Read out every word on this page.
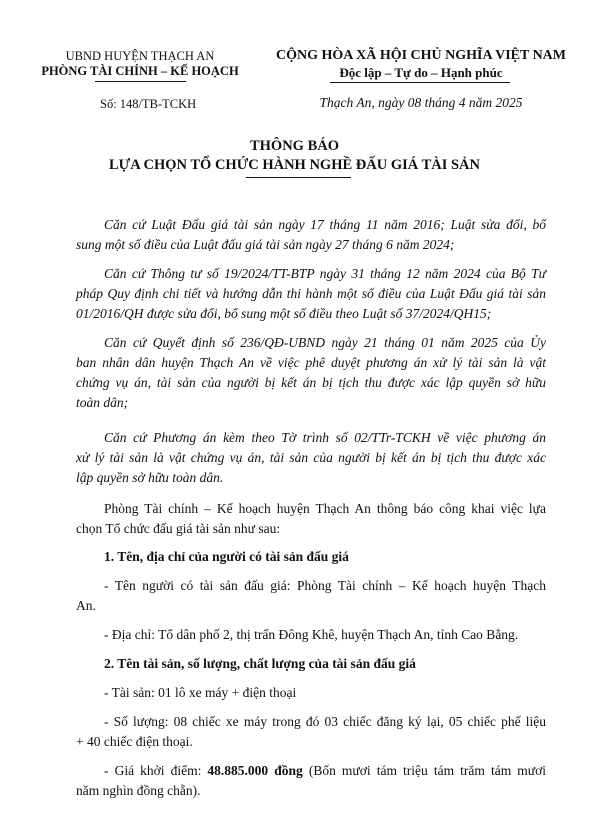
UBND HUYỆN THẠCH AN
PHÒNG TÀI CHÍNH – KẾ HOẠCH
Số: 148/TB-TCKH
CỘNG HÒA XÃ HỘI CHỦ NGHĨA VIỆT NAM
Độc lập – Tự do – Hạnh phúc
Thạch An, ngày 08 tháng 4 năm 2025
THÔNG BÁO
LỰA CHỌN TỔ CHỨC HÀNH NGHỀ ĐẤU GIÁ TÀI SẢN
Căn cứ Luật Đấu giá tài sản ngày 17 tháng 11 năm 2016; Luật sửa đổi, bổ
sung một số điều của Luật đấu giá tài sản ngày 27 tháng 6 năm 2024;
Căn cứ Thông tư số 19/2024/TT-BTP ngày 31 tháng 12 năm 2024 của Bộ Tư
pháp Quy định chi tiết và hướng dẫn thi hành một số điều của Luật Đấu giá tài sản
01/2016/QH được sửa đổi, bổ sung một số điều theo Luật số 37/2024/QH15;
Căn cứ Quyết định số 236/QĐ-UBND ngày 21 tháng 01 năm 2025 của Ủy
ban nhân dân huyện Thạch An về việc phê duyệt phương án xử lý tài sản là vật
chứng vụ án, tài sản của người bị kết án bị tịch thu được xác lập quyền sở hữu
toàn dân;
Căn cứ Phương án kèm theo Tờ trình số 02/TTr-TCKH về việc phương án
xử lý tài sản là vật chứng vụ án, tài sản của người bị kết án bị tịch thu được xác
lập quyền sở hữu toàn dân.
Phòng Tài chính – Kế hoạch huyện Thạch An thông báo công khai việc lựa
chọn Tổ chức đấu giá tài sản như sau:
1. Tên, địa chỉ của người có tài sản đấu giá
- Tên người có tài sản đấu giá: Phòng Tài chính – Kế hoạch huyện Thạch
An.
- Địa chỉ: Tổ dân phố 2, thị trấn Đông Khê, huyện Thạch An, tỉnh Cao Bằng.
2. Tên tài sản, số lượng, chất lượng của tài sản đấu giá
- Tài sản: 01 lô xe máy + điện thoại
- Số lượng: 08 chiếc xe máy trong đó 03 chiếc đăng ký lại, 05 chiếc phế liệu
+ 40 chiếc điện thoại.
- Giá khởi điểm: 48.885.000 đồng (Bốn mươi tám triệu tám trăm tám mươi
năm nghìn đồng chẵn).
